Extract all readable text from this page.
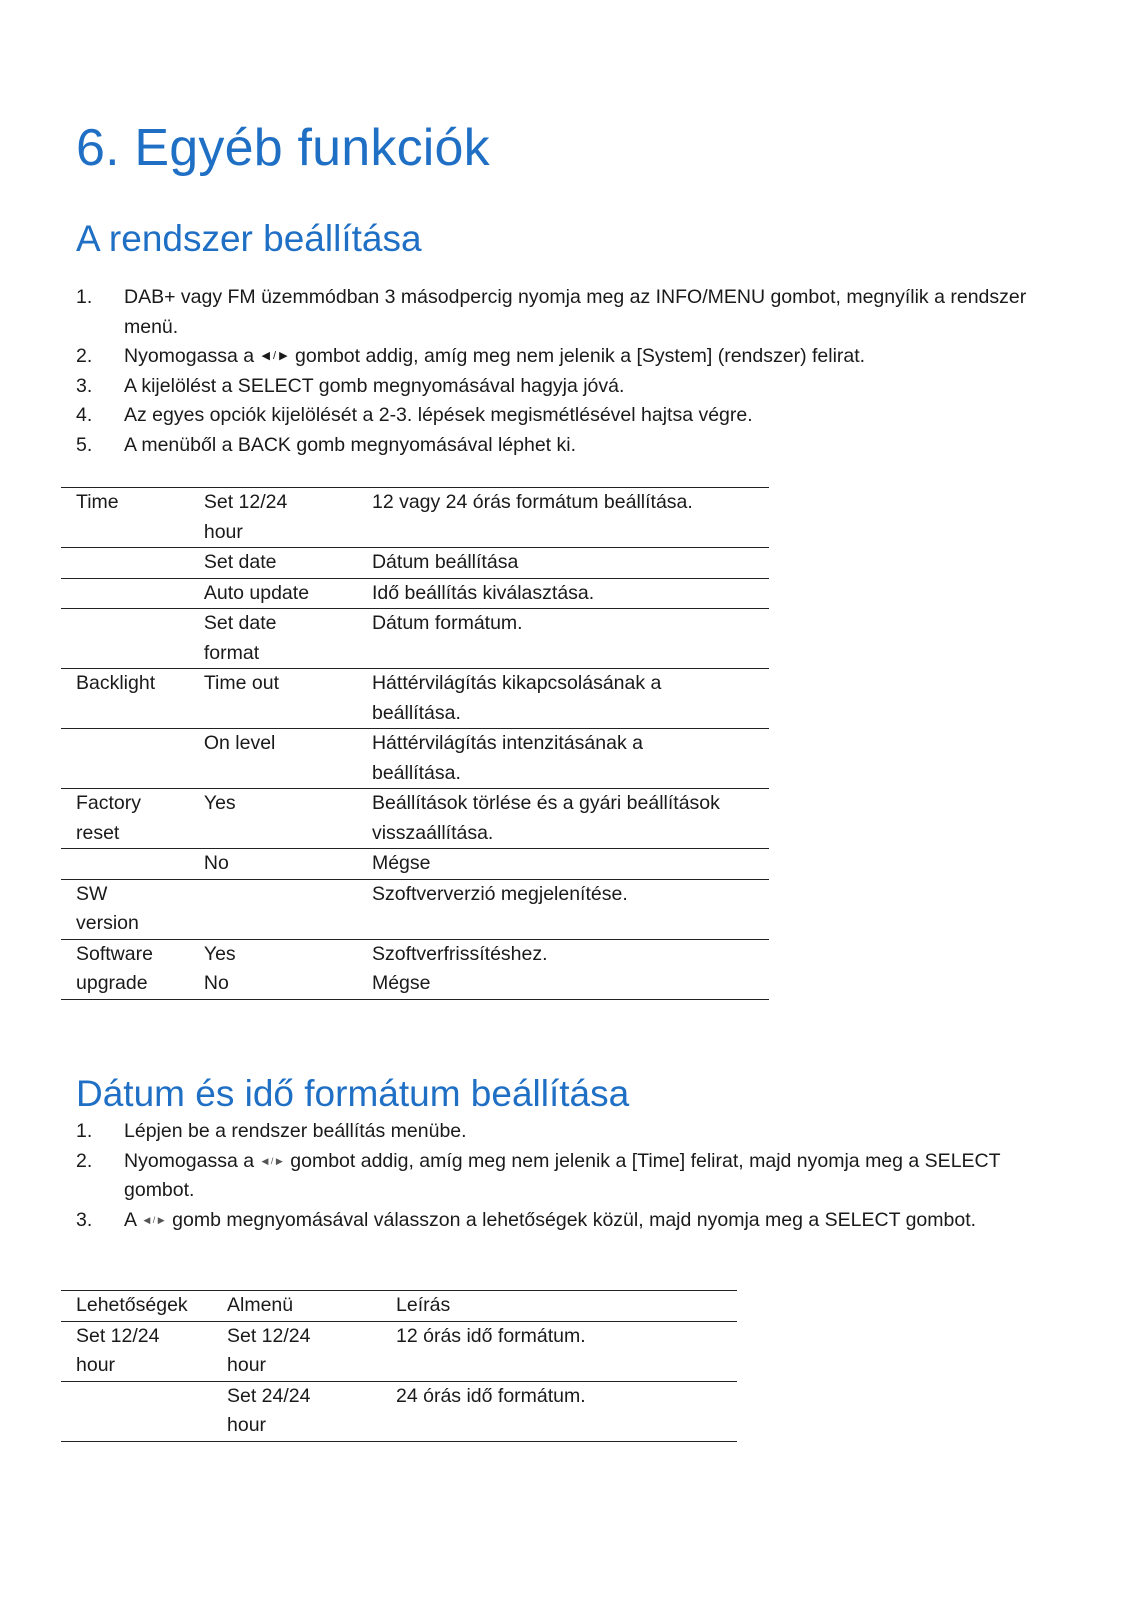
6. Egyéb funkciók
A rendszer beállítása
1. DAB+ vagy FM üzemmódban 3 másodpercig nyomja meg az INFO/MENU gombot, megnyílik a rendszer menü.
2. Nyomogassa a ◀ / ▶ gombot addig, amíg meg nem jelenik a [System] (rendszer) felirat.
3. A kijelölést a SELECT gomb megnyomásával hagyja jóvá.
4. Az egyes opciók kijelölését a 2-3. lépések megismétlésével hajtsa végre.
5. A menüből a BACK gomb megnyomásával léphet ki.
Time	Set 12/24 hour	12 vagy 24 órás formátum beállítása.
	Set date	Dátum beállítása
	Auto update	Idő beállítás kiválasztása.
	Set date format	Dátum formátum.
Backlight	Time out	Háttérvilágítás kikapcsolásának a beállítása.
	On level	Háttérvilágítás intenzitásának a beállítása.
Factory reset	Yes	Beállítások törlése és a gyári beállítások visszaállítása.
	No	Mégse
SW version		Szoftververzió megjelenítése.
Software upgrade	Yes No	Szoftverfrissítéshez. Mégse
Dátum és idő formátum beállítása
1. Lépjen be a rendszer beállítás menübe.
2. Nyomogassa a ◀ / ▶ gombot addig, amíg meg nem jelenik a [Time] felirat, majd nyomja meg a SELECT gombot.
3. A ◀ / ▶ gomb megnyomásával válasszon a lehetőségek közül, majd nyomja meg a SELECT gombot.
Lehetőségek	Almenü	Leírás
Set 12/24 hour	Set 12/24 hour	12 órás idő formátum.
	Set 24/24 hour	24 órás idő formátum.
